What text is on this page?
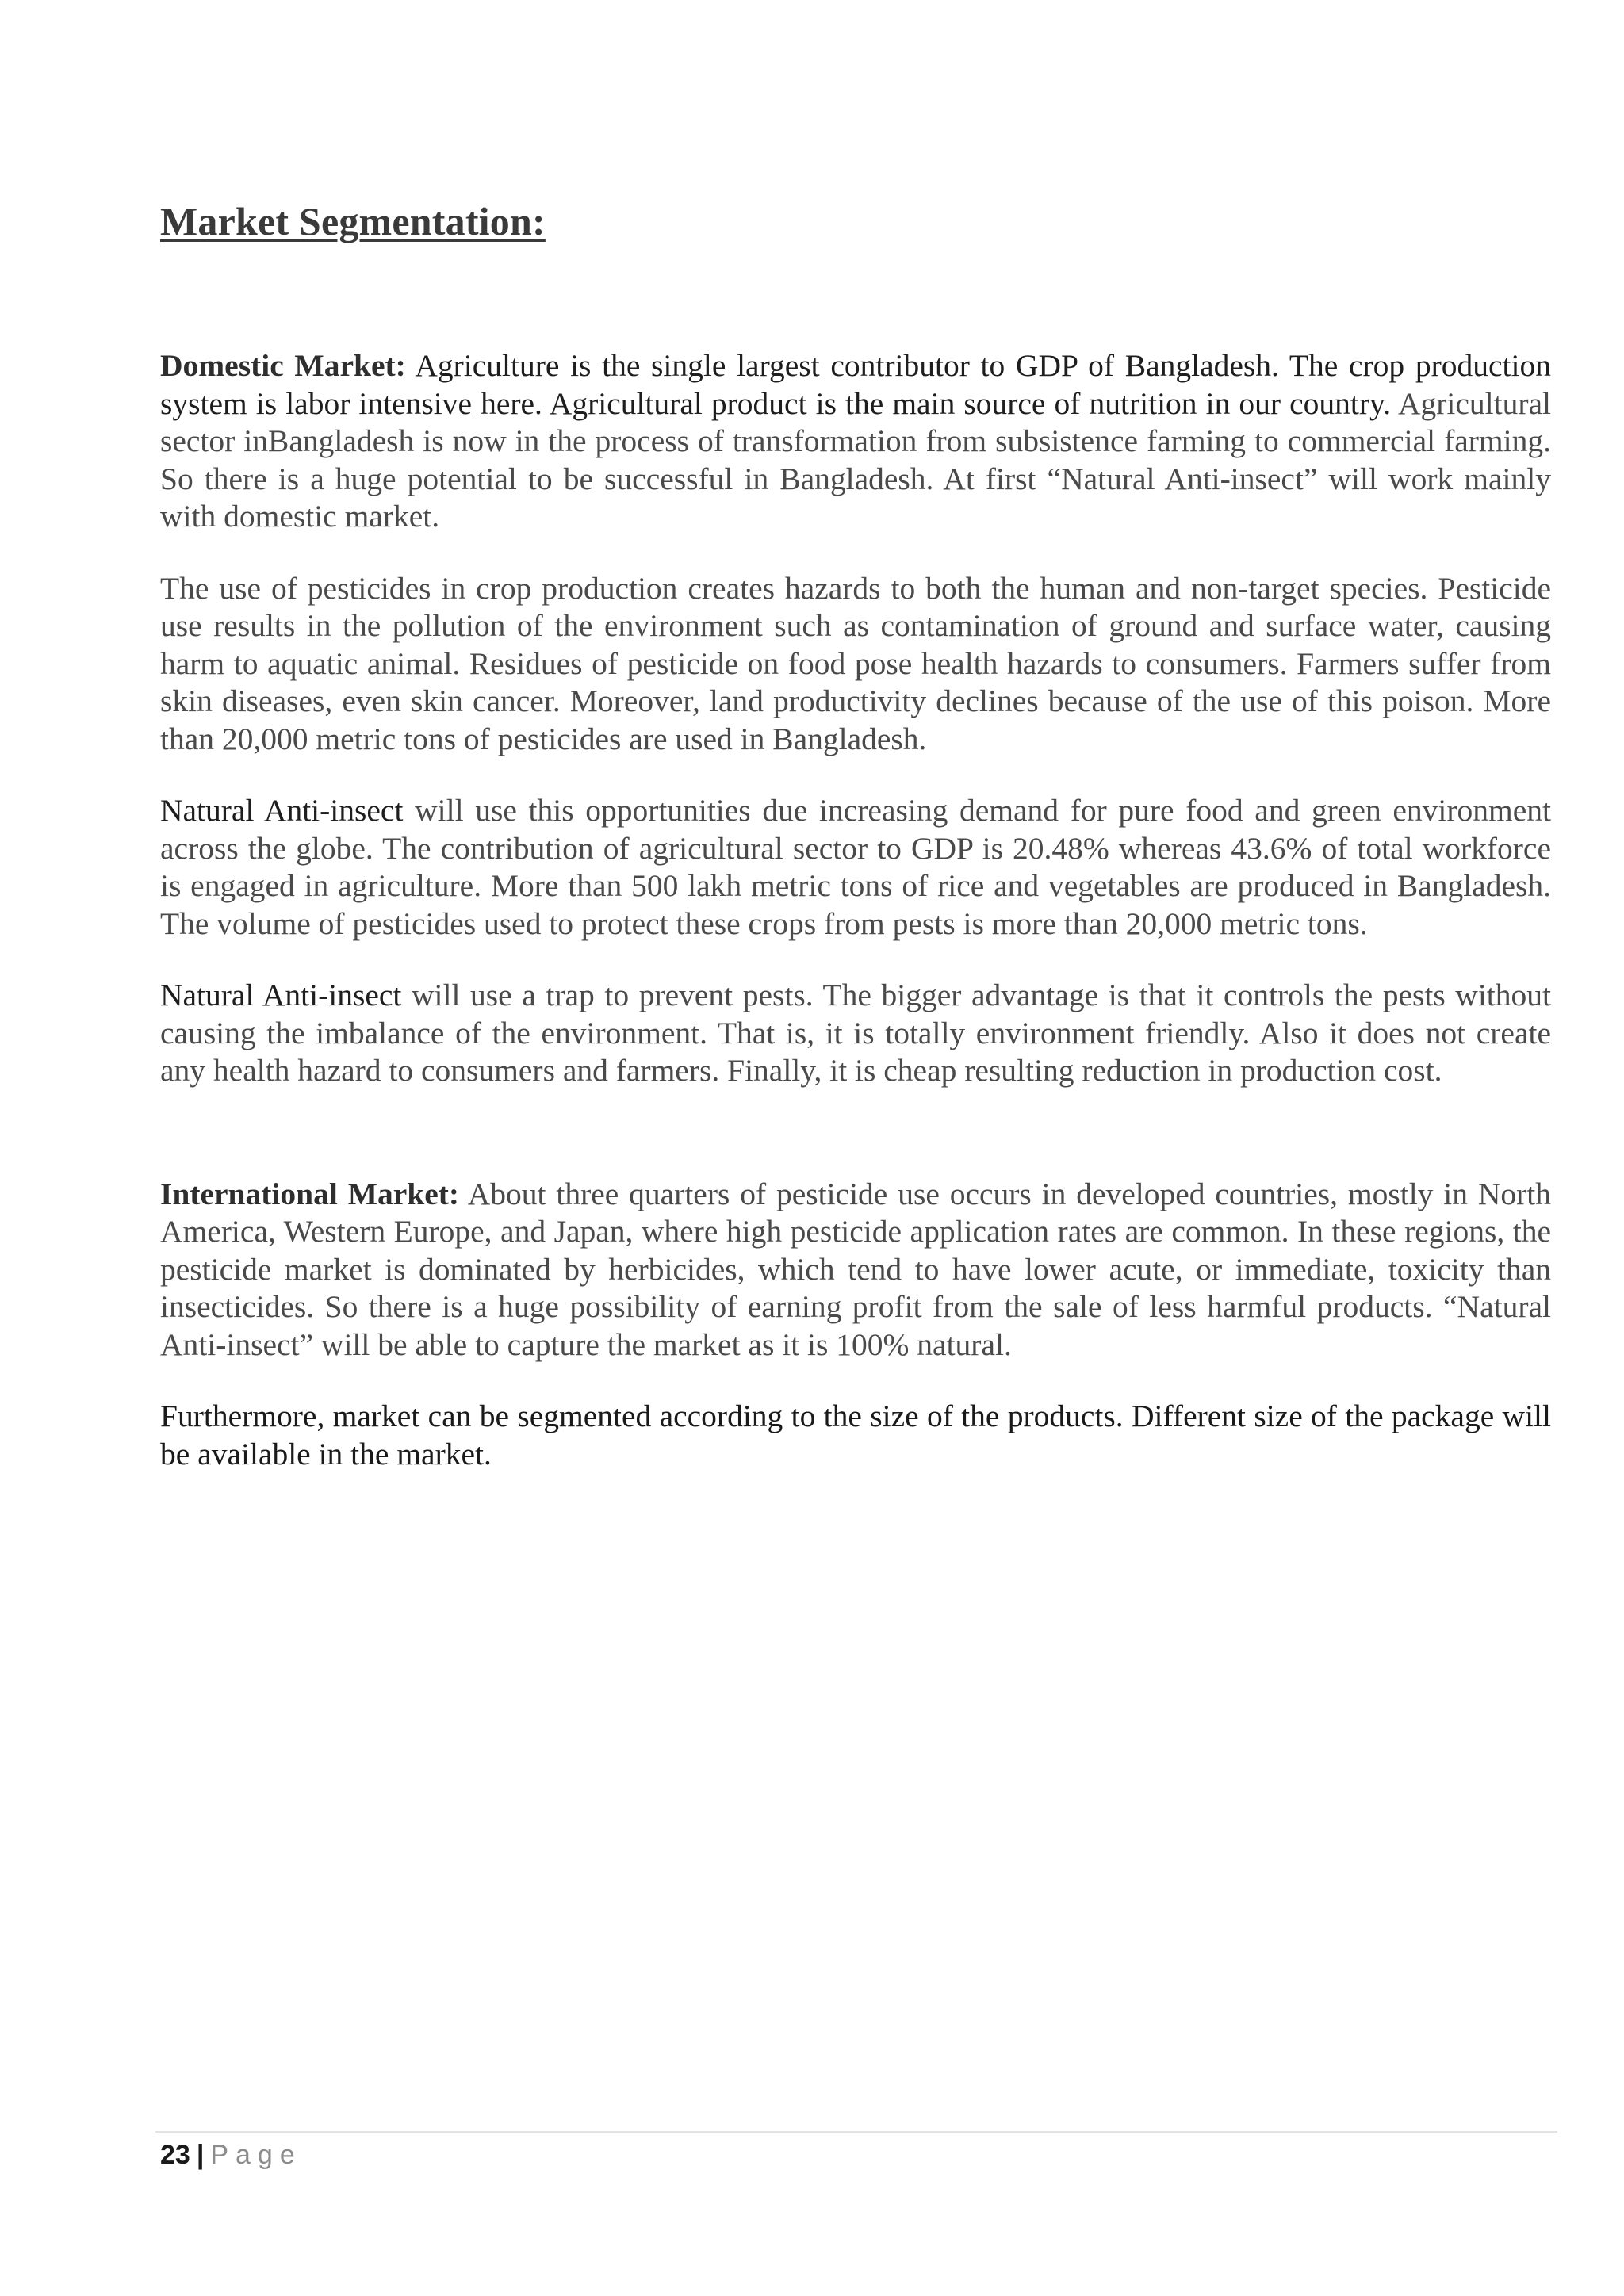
Market Segmentation:

Domestic Market: Agriculture is the single largest contributor to GDP of Bangladesh. The crop production system is labor intensive here. Agricultural product is the main source of nutrition in our country. Agricultural sector inBangladesh is now in the process of transformation from subsistence farming to commercial farming. So there is a huge potential to be successful in Bangladesh. At first “Natural Anti-insect” will work mainly with domestic market.

The use of pesticides in crop production creates hazards to both the human and non-target species. Pesticide use results in the pollution of the environment such as contamination of ground and surface water, causing harm to aquatic animal. Residues of pesticide on food pose health hazards to consumers. Farmers suffer from skin diseases, even skin cancer. Moreover, land productivity declines because of the use of this poison. More than 20,000 metric tons of pesticides are used in Bangladesh.

Natural Anti-insect will use this opportunities due increasing demand for pure food and green environment across the globe. The contribution of agricultural sector to GDP is 20.48% whereas 43.6% of total workforce is engaged in agriculture. More than 500 lakh metric tons of rice and vegetables are produced in Bangladesh. The volume of pesticides used to protect these crops from pests is more than 20,000 metric tons.

Natural Anti-insect will use a trap to prevent pests. The bigger advantage is that it controls the pests without causing the imbalance of the environment. That is, it is totally environment friendly. Also it does not create any health hazard to consumers and farmers. Finally, it is cheap resulting reduction in production cost.

International Market: About three quarters of pesticide use occurs in developed countries, mostly in North America, Western Europe, and Japan, where high pesticide application rates are common. In these regions, the pesticide market is dominated by herbicides, which tend to have lower acute, or immediate, toxicity than insecticides. So there is a huge possibility of earning profit from the sale of less harmful products. “Natural Anti-insect” will be able to capture the market as it is 100% natural.

Furthermore, market can be segmented according to the size of the products. Different size of the package will be available in the market.

23 | Page
